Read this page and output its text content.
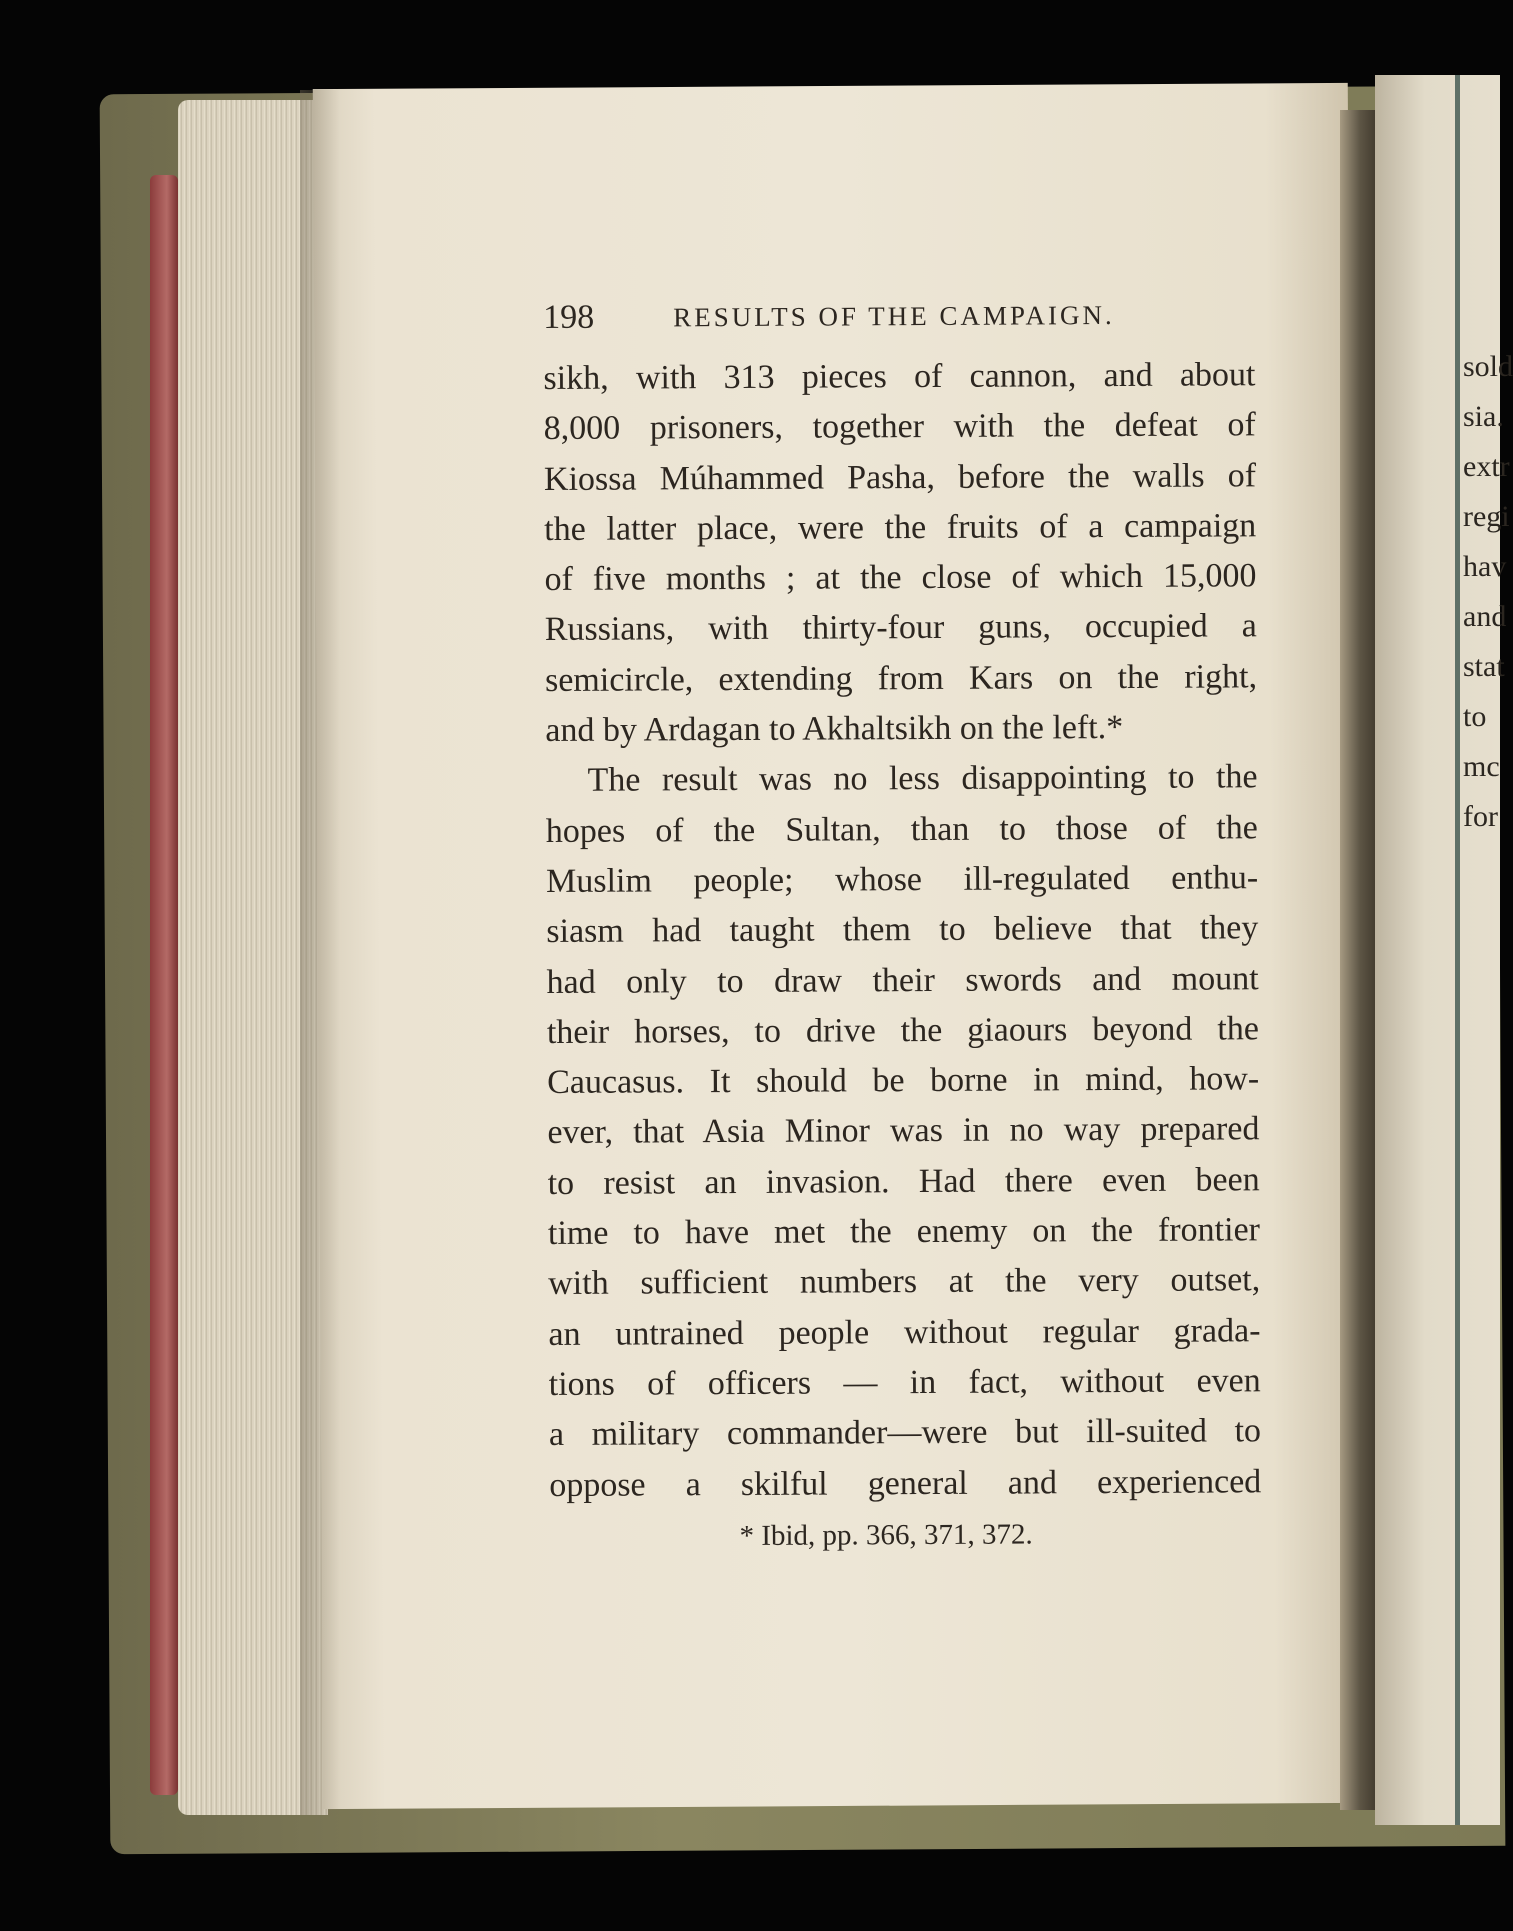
sold
sia.
extr
regi
hav
and
stat
to
mc
for
198	RESULTS OF THE CAMPAIGN.
sikh, with 313 pieces of cannon, and about
8,000 prisoners, together with the defeat of
Kiossa Múhammed Pasha, before the walls of
the latter place, were the fruits of a campaign
of five months ; at the close of which 15,000
Russians, with thirty-four guns, occupied a
semicircle, extending from Kars on the right,
and by Ardagan to Akhaltsikh on the left.*
The result was no less disappointing to the
hopes of the Sultan, than to those of the
Muslim people; whose ill-regulated enthu-
siasm had taught them to believe that they
had only to draw their swords and mount
their horses, to drive the giaours beyond the
Caucasus. It should be borne in mind, how-
ever, that Asia Minor was in no way prepared
to resist an invasion. Had there even been
time to have met the enemy on the frontier
with sufficient numbers at the very outset,
an untrained people without regular grada-
tions of officers — in fact, without even
a military commander—were but ill-suited to
oppose a skilful general and experienced
* Ibid, pp. 366, 371, 372.
